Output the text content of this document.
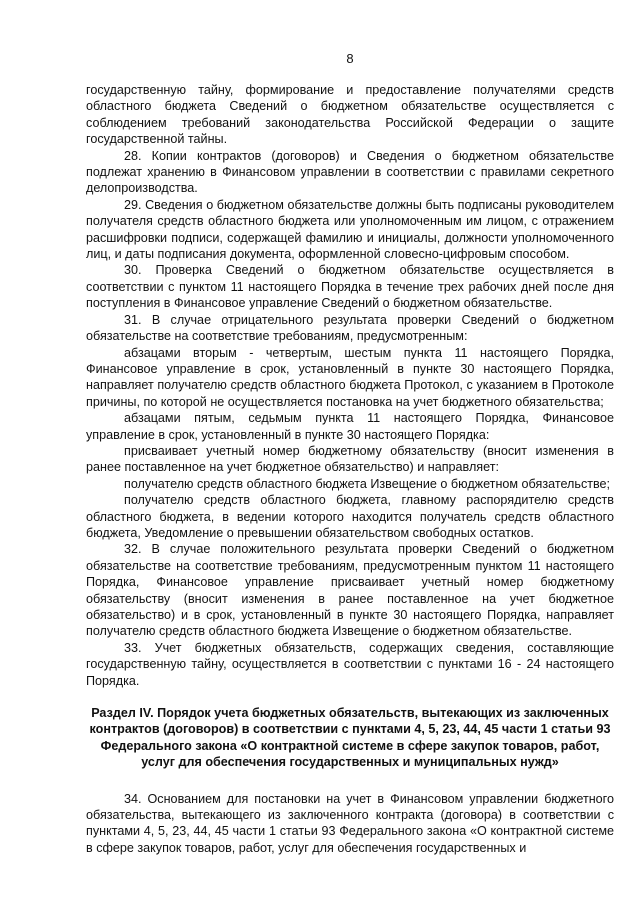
8

государственную тайну, формирование и предоставление получателями средств областного бюджета Сведений о бюджетном обязательстве осуществляется с соблюдением требований законодательства Российской Федерации о защите государственной тайны.

28. Копии контрактов (договоров) и Сведения о бюджетном обязательстве подлежат хранению в Финансовом управлении в соответствии с правилами секретного делопроизводства.

29. Сведения о бюджетном обязательстве должны быть подписаны руководителем получателя средств областного бюджета или уполномоченным им лицом, с отражением расшифровки подписи, содержащей фамилию и инициалы, должности уполномоченного лиц, и даты подписания документа, оформленной словесно-цифровым способом.

30. Проверка Сведений о бюджетном обязательстве осуществляется в соответствии с пунктом 11 настоящего Порядка в течение трех рабочих дней после дня поступления в Финансовое управление Сведений о бюджетном обязательстве.

31. В случае отрицательного результата проверки Сведений о бюджетном обязательстве на соответствие требованиям, предусмотренным:

абзацами вторым - четвертым, шестым пункта 11 настоящего Порядка, Финансовое управление в срок, установленный в пункте 30 настоящего Порядка, направляет получателю средств областного бюджета Протокол, с указанием в Протоколе причины, по которой не осуществляется постановка на учет бюджетного обязательства;

абзацами пятым, седьмым пункта 11 настоящего Порядка, Финансовое управление в срок, установленный в пункте 30 настоящего Порядка:

присваивает учетный номер бюджетному обязательству (вносит изменения в ранее поставленное на учет бюджетное обязательство) и направляет:

получателю средств областного бюджета Извещение о бюджетном обязательстве;

получателю средств областного бюджета, главному распорядителю средств областного бюджета, в ведении которого находится получатель средств областного бюджета, Уведомление о превышении обязательством свободных остатков.

32. В случае положительного результата проверки Сведений о бюджетном обязательстве на соответствие требованиям, предусмотренным пунктом 11 настоящего Порядка, Финансовое управление присваивает учетный номер бюджетному обязательству (вносит изменения в ранее поставленное на учет бюджетное обязательство) и в срок, установленный в пункте 30 настоящего Порядка, направляет получателю средств областного бюджета Извещение о бюджетном обязательстве.

33. Учет бюджетных обязательств, содержащих сведения, составляющие государственную тайну, осуществляется в соответствии с пунктами 16 - 24 настоящего Порядка.

Раздел IV. Порядок учета бюджетных обязательств, вытекающих из заключенных контрактов (договоров) в соответствии с пунктами 4, 5, 23, 44, 45 части 1 статьи 93 Федерального закона «О контрактной системе в сфере закупок товаров, работ, услуг для обеспечения государственных и муниципальных нужд»

34. Основанием для постановки на учет в Финансовом управлении бюджетного обязательства, вытекающего из заключенного контракта (договора) в соответствии с пунктами 4, 5, 23, 44, 45 части 1 статьи 93 Федерального закона «О контрактной системе в сфере закупок товаров, работ, услуг для обеспечения государственных и
